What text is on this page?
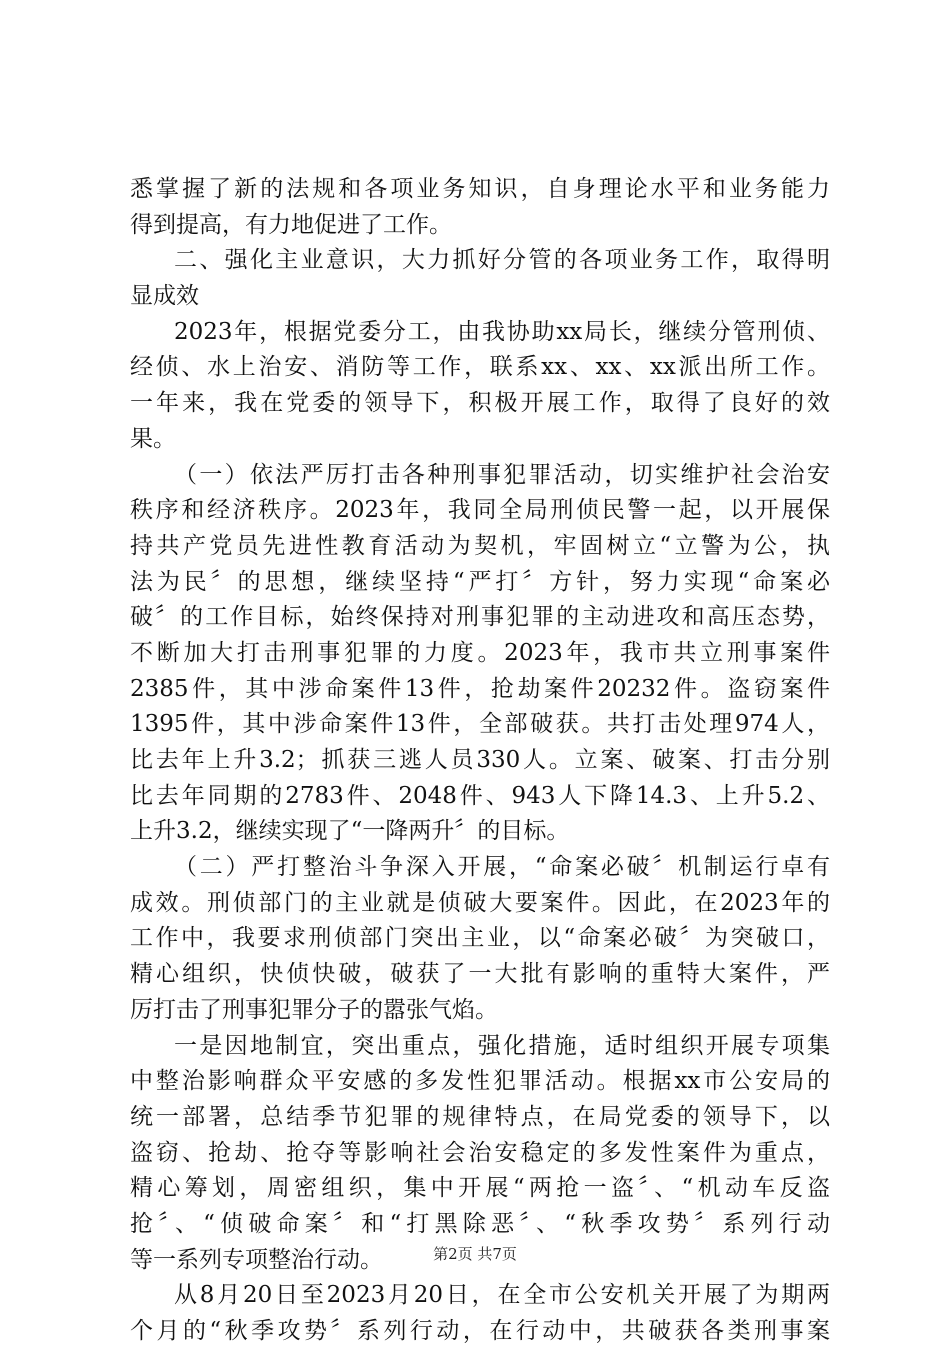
悉掌握了新的法规和各项业务知识，自身理论水平和业务能力
得到提高，有力地促进了工作。
二、强化主业意识，大力抓好分管的各项业务工作，取得明
显成效
2023年，根据党委分工，由我协助xx局长，继续分管刑侦、
经侦、水上治安、消防等工作，联系xx、xx、xx派出所工作。
一年来，我在党委的领导下，积极开展工作，取得了良好的效
果。
（一）依法严厉打击各种刑事犯罪活动，切实维护社会治安
秩序和经济秩序。2023年，我同全局刑侦民警一起，以开展保
持共产党员先进性教育活动为契机，牢固树立“立警为公，执
法为民〞的思想，继续坚持“严打〞方针，努力实现“命案必
破〞的工作目标，始终保持对刑事犯罪的主动进攻和高压态势，
不断加大打击刑事犯罪的力度。2023年，我市共立刑事案件
2385件，其中涉命案件13件，抢劫案件20232件。盗窃案件
1395件，其中涉命案件13件，全部破获。共打击处理974人，
比去年上升3.2；抓获三逃人员330人。立案、破案、打击分别
比去年同期的2783件、2048件、943人下降14.3、上升5.2、
上升3.2，继续实现了“一降两升〞的目标。
（二）严打整治斗争深入开展，“命案必破〞机制运行卓有
成效。刑侦部门的主业就是侦破大要案件。因此，在2023年的
工作中，我要求刑侦部门突出主业，以“命案必破〞为突破口，
精心组织，快侦快破，破获了一大批有影响的重特大案件，严
厉打击了刑事犯罪分子的嚣张气焰。
一是因地制宜，突出重点，强化措施，适时组织开展专项集
中整治影响群众平安感的多发性犯罪活动。根据xx市公安局的
统一部署，总结季节犯罪的规律特点，在局党委的领导下，以
盗窃、抢劫、抢夺等影响社会治安稳定的多发性案件为重点，
精心筹划，周密组织，集中开展“两抢一盗〞、“机动车反盗
抢〞、“侦破命案〞和“打黑除恶〞、“秋季攻势〞系列行动
等一系列专项整治行动。
从8月20日至2023月20日，在全市公安机关开展了为期两
个月的“秋季攻势〞系列行动，在行动中，共破获各类刑事案
第2页 共7页
